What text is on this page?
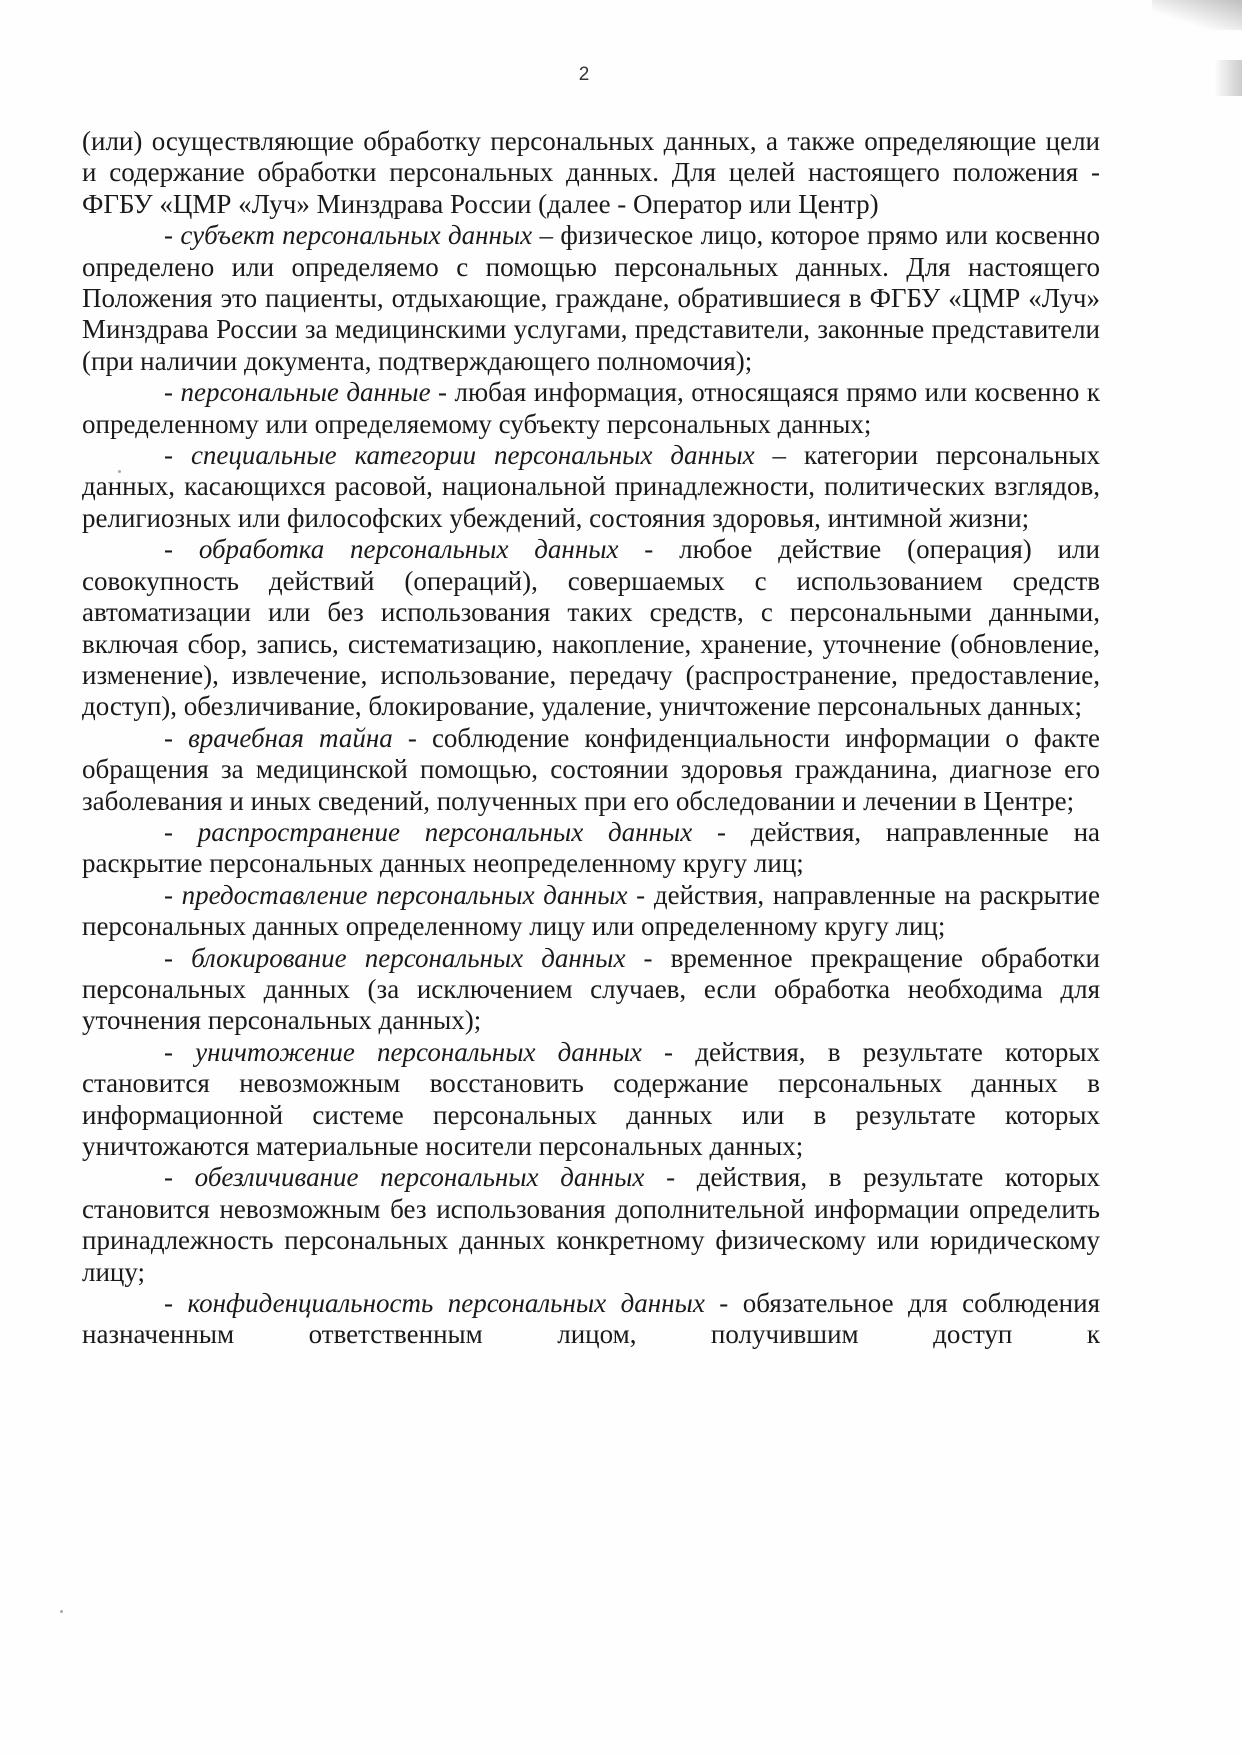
2

(или) осуществляющие обработку персональных данных, а также определяющие цели и содержание обработки персональных данных. Для целей настоящего положения - ФГБУ «ЦМР «Луч» Минздрава России (далее - Оператор или Центр)

- субъект персональных данных – физическое лицо, которое прямо или косвенно определено или определяемо с помощью персональных данных. Для настоящего Положения это пациенты, отдыхающие, граждане, обратившиеся в ФГБУ «ЦМР «Луч» Минздрава России за медицинскими услугами, представители, законные представители (при наличии документа, подтверждающего полномочия);

- персональные данные - любая информация, относящаяся прямо или косвенно к определенному или определяемому субъекту персональных данных;

- специальные категории персональных данных – категории персональных данных, касающихся расовой, национальной принадлежности, политических взглядов, религиозных или философских убеждений, состояния здоровья, интимной жизни;

- обработка персональных данных - любое действие (операция) или совокупность действий (операций), совершаемых с использованием средств автоматизации или без использования таких средств, с персональными данными, включая сбор, запись, систематизацию, накопление, хранение, уточнение (обновление, изменение), извлечение, использование, передачу (распространение, предоставление, доступ), обезличивание, блокирование, удаление, уничтожение персональных данных;

- врачебная тайна - соблюдение конфиденциальности информации о факте обращения за медицинской помощью, состоянии здоровья гражданина, диагнозе его заболевания и иных сведений, полученных при его обследовании и лечении в Центре;

- распространение персональных данных - действия, направленные на раскрытие персональных данных неопределенному кругу лиц;

- предоставление персональных данных - действия, направленные на раскрытие персональных данных определенному лицу или определенному кругу лиц;

- блокирование персональных данных - временное прекращение обработки персональных данных (за исключением случаев, если обработка необходима для уточнения персональных данных);

- уничтожение персональных данных - действия, в результате которых становится невозможным восстановить содержание персональных данных в информационной системе персональных данных или в результате которых уничтожаются материальные носители персональных данных;

- обезличивание персональных данных - действия, в результате которых становится невозможным без использования дополнительной информации определить принадлежность персональных данных конкретному физическому или юридическому лицу;

- конфиденциальность персональных данных - обязательное для соблюдения назначенным ответственным лицом, получившим доступ к
